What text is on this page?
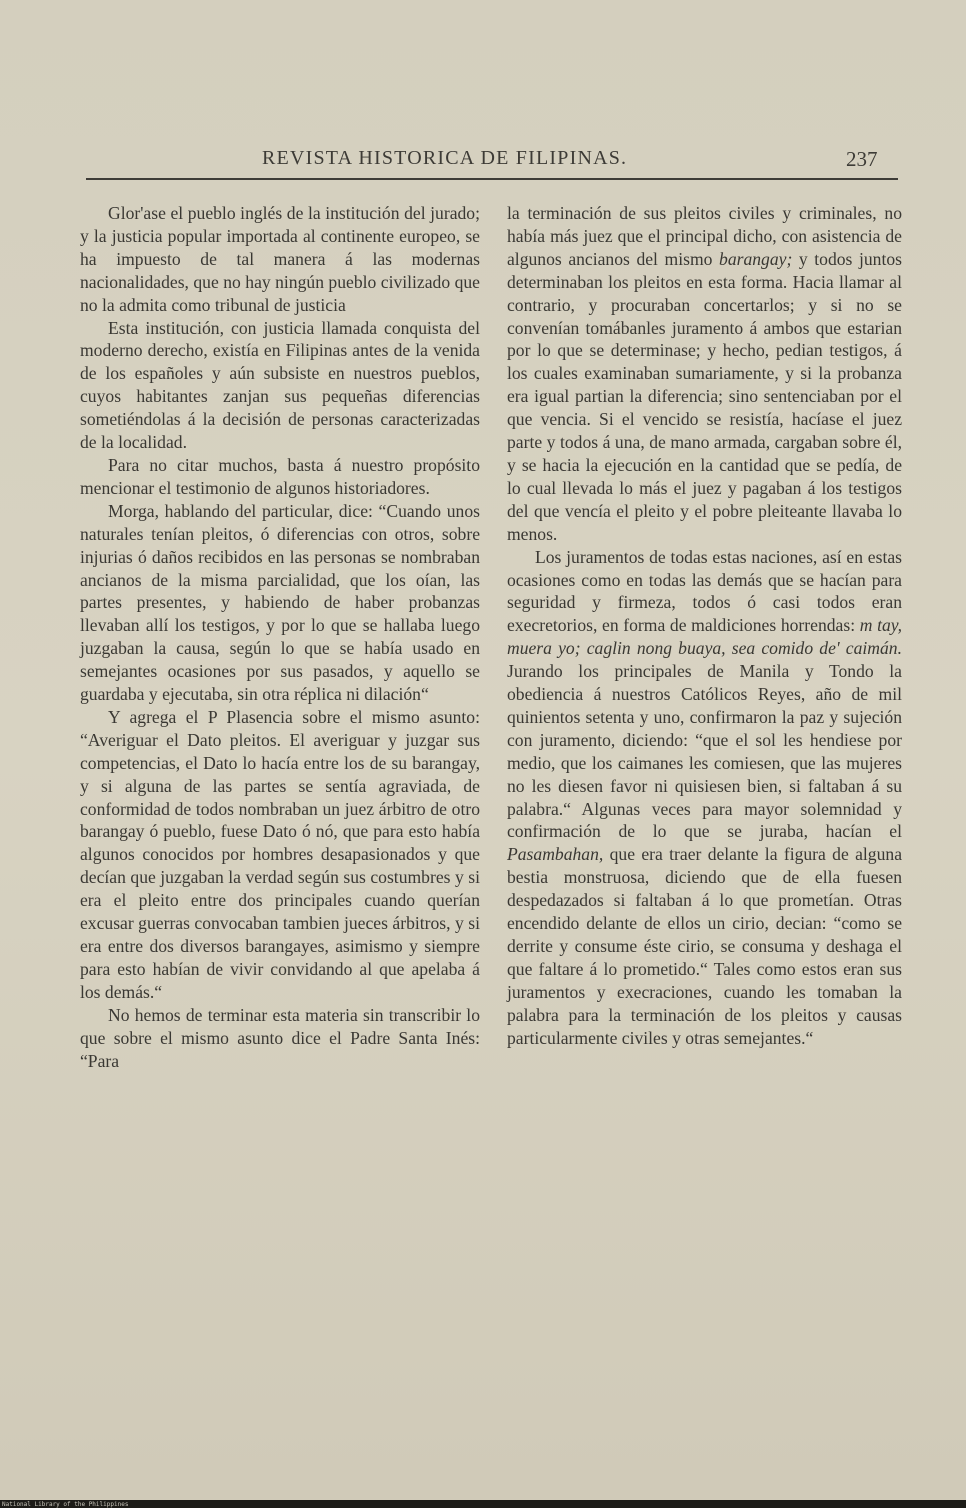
REVISTA HISTORICA DE FILIPINAS.	237

Glor'ase el pueblo inglés de la institución del jurado; y la justicia popular importada al continente europeo, se ha impuesto de tal manera á las modernas nacionalidades, que no hay ningún pueblo civilizado que no la admita como tribunal de justicia

Esta institución, con justicia llamada conquista del moderno derecho, existía en Filipinas antes de la venida de los españoles y aún subsiste en nuestros pueblos, cuyos habitantes zanjan sus pequeñas diferencias sometiéndolas á la decisión de personas caracterizadas de la localidad.

Para no citar muchos, basta á nuestro propósito mencionar el testimonio de algunos historiadores.

Morga, hablando del particular, dice: “Cuando unos naturales tenían pleitos, ó diferencias con otros, sobre injurias ó daños recibidos en las personas se nombraban ancianos de la misma parcialidad, que los oían, las partes presentes, y habiendo de haber probanzas llevaban allí los testigos, y por lo que se hallaba luego juzgaban la causa, según lo que se había usado en semejantes ocasiones por sus pasados, y aquello se guardaba y ejecutaba, sin otra réplica ni dilación“

Y agrega el P Plasencia sobre el mismo asunto: “Averiguar el Dato pleitos. El averiguar y juzgar sus competencias, el Dato lo hacía entre los de su barangay, y si alguna de las partes se sentía agraviada, de conformidad de todos nombraban un juez árbitro de otro barangay ó pueblo, fuese Dato ó nó, que para esto había algunos conocidos por hombres desapasionados y que decían que juzgaban la verdad según sus costumbres y si era el pleito entre dos principales cuando querían excusar guerras convocaban tambien jueces árbitros, y si era entre dos diversos barangayes, asimismo y siempre para esto habían de vivir convidando al que apelaba á los demás.“

No hemos de terminar esta materia sin transcribir lo que sobre el mismo asunto dice el Padre Santa Inés: “Para

la terminación de sus pleitos civiles y criminales, no había más juez que el principal dicho, con asistencia de algunos ancianos del mismo barangay; y todos juntos determinaban los pleitos en esta forma. Hacia llamar al contrario, y procuraban concertarlos; y si no se convenían tomábanles juramento á ambos que estarian por lo que se determinase; y hecho, pedian testigos, á los cuales examinaban sumariamente, y si la probanza era igual partian la diferencia; sino sentenciaban por el que vencia. Si el vencido se resistía, hacíase el juez parte y todos á una, de mano armada, cargaban sobre él, y se hacia la ejecución en la cantidad que se pedía, de lo cual llevada lo más el juez y pagaban á los testigos del que vencía el pleito y el pobre pleiteante llavaba lo menos.

Los juramentos de todas estas naciones, así en estas ocasiones como en todas las demás que se hacían para seguridad y firmeza, todos ó casi todos eran execretorios, en forma de maldiciones horrendas: m tay, muera yo; caglin nong buaya, sea comido de' caimán. Jurando los principales de Manila y Tondo la obediencia á nuestros Católicos Reyes, año de mil quinientos setenta y uno, confirmaron la paz y sujeción con juramento, diciendo: “que el sol les hendiese por medio, que los caimanes les comiesen, que las mujeres no les diesen favor ni quisiesen bien, si faltaban á su palabra.“ Algunas veces para mayor solemnidad y confirmación de lo que se juraba, hacían el Pasambahan, que era traer delante la figura de alguna bestia monstruosa, diciendo que de ella fuesen despedazados si faltaban á lo que prometían. Otras encendido delante de ellos un cirio, decian: “como se derrite y consume éste cirio, se consuma y deshaga el que faltare á lo prometido.“ Tales como estos eran sus juramentos y execraciones, cuando les tomaban la palabra para la terminación de los pleitos y causas particularmente civiles y otras semejantes.“

National Library of the Philippines
